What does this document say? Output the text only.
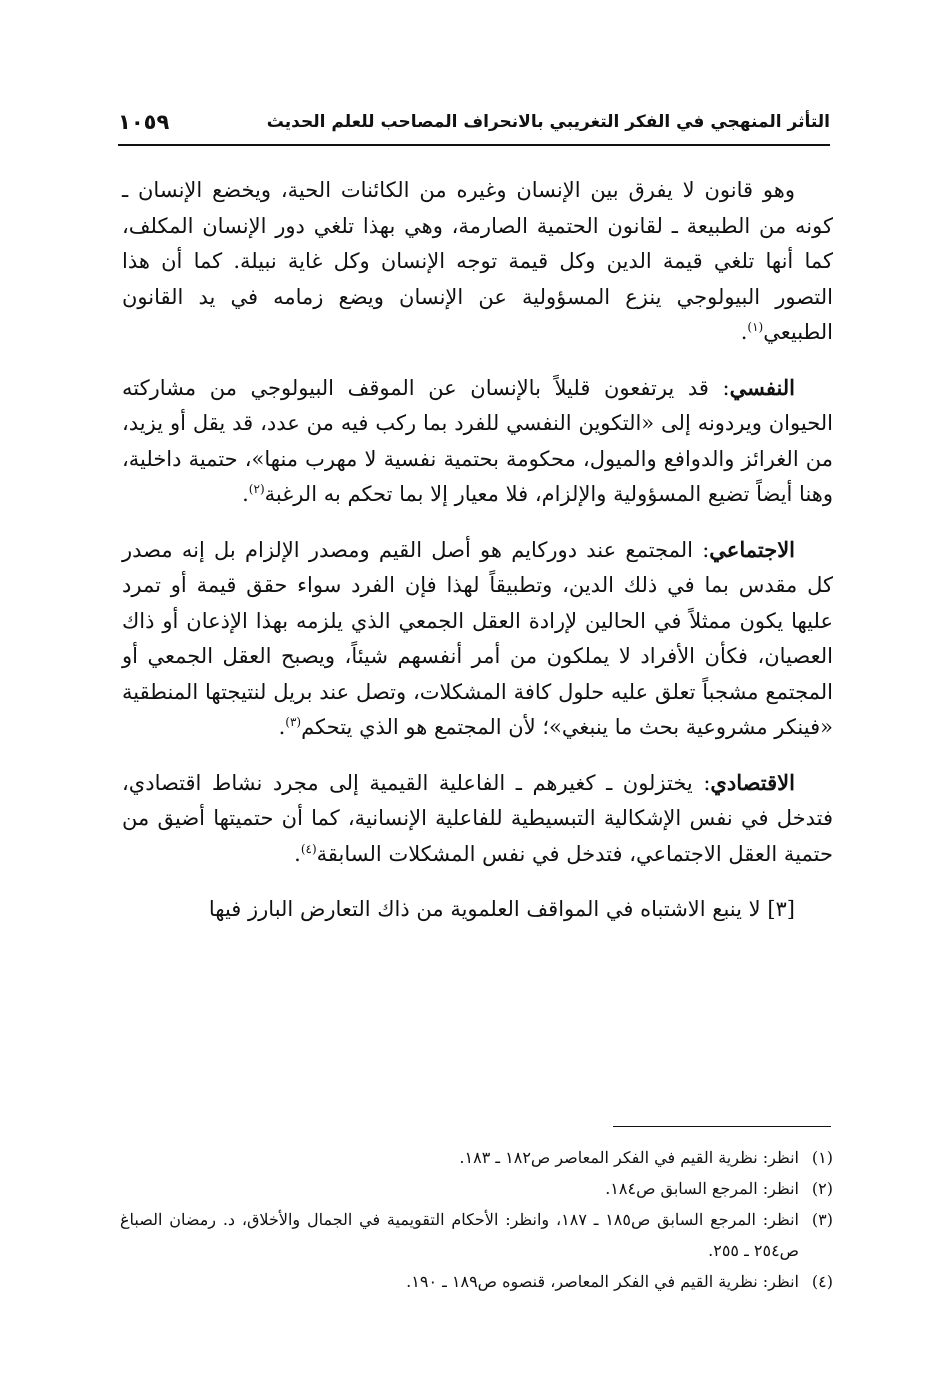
التأثر المنهجي في الفكر التغريبي بالانحراف المصاحب للعلم الحديث
١٠٥٩

وهو قانون لا يفرق بين الإنسان وغيره من الكائنات الحية، ويخضع الإنسان ـ كونه من الطبيعة ـ لقانون الحتمية الصارمة، وهي بهذا تلغي دور الإنسان المكلف، كما أنها تلغي قيمة الدين وكل قيمة توجه الإنسان وكل غاية نبيلة. كما أن هذا التصور البيولوجي ينزع المسؤولية عن الإنسان ويضع زمامه في يد القانون الطبيعي$^{(١)}$.

النفسي: قد يرتفعون قليلاً بالإنسان عن الموقف البيولوجي من مشاركته الحيوان ويردونه إلى «التكوين النفسي للفرد بما ركب فيه من عدد، قد يقل أو يزيد، من الغرائز والدوافع والميول، محكومة بحتمية نفسية لا مهرب منها»، حتمية داخلية، وهنا أيضاً تضيع المسؤولية والإلزام، فلا معيار إلا بما تحكم به الرغبة$^{(٢)}$.

الاجتماعي: المجتمع عند دوركايم هو أصل القيم ومصدر الإلزام بل إنه مصدر كل مقدس بما في ذلك الدين، وتطبيقاً لهذا فإن الفرد سواء حقق قيمة أو تمرد عليها يكون ممثلاً في الحالين لإرادة العقل الجمعي الذي يلزمه بهذا الإذعان أو ذاك العصيان، فكأن الأفراد لا يملكون من أمر أنفسهم شيئاً، ويصبح العقل الجمعي أو المجتمع مشجباً تعلق عليه حلول كافة المشكلات، وتصل عند بريل لنتيجتها المنطقية «فينكر مشروعية بحث ما ينبغي»؛ لأن المجتمع هو الذي يتحكم$^{(٣)}$.

الاقتصادي: يختزلون ـ كغيرهم ـ الفاعلية القيمية إلى مجرد نشاط اقتصادي، فتدخل في نفس الإشكالية التبسيطية للفاعلية الإنسانية، كما أن حتميتها أضيق من حتمية العقل الاجتماعي، فتدخل في نفس المشكلات السابقة$^{(٤)}$.

[٣] لا ينبع الاشتباه في المواقف العلموية من ذاك التعارض البارز فيها

(١)
انظر: نظرية القيم في الفكر المعاصر ص١٨٢ ـ ١٨٣.
(٢)
انظر: المرجع السابق ص١٨٤.
(٣)
انظر: المرجع السابق ص١٨٥ ـ ١٨٧، وانظر: الأحكام التقويمية في الجمال والأخلاق، د. رمضان الصباغ ص٢٥٤ ـ ٢٥٥.
(٤)
انظر: نظرية القيم في الفكر المعاصر، قنصوه ص١٨٩ ـ ١٩٠.
